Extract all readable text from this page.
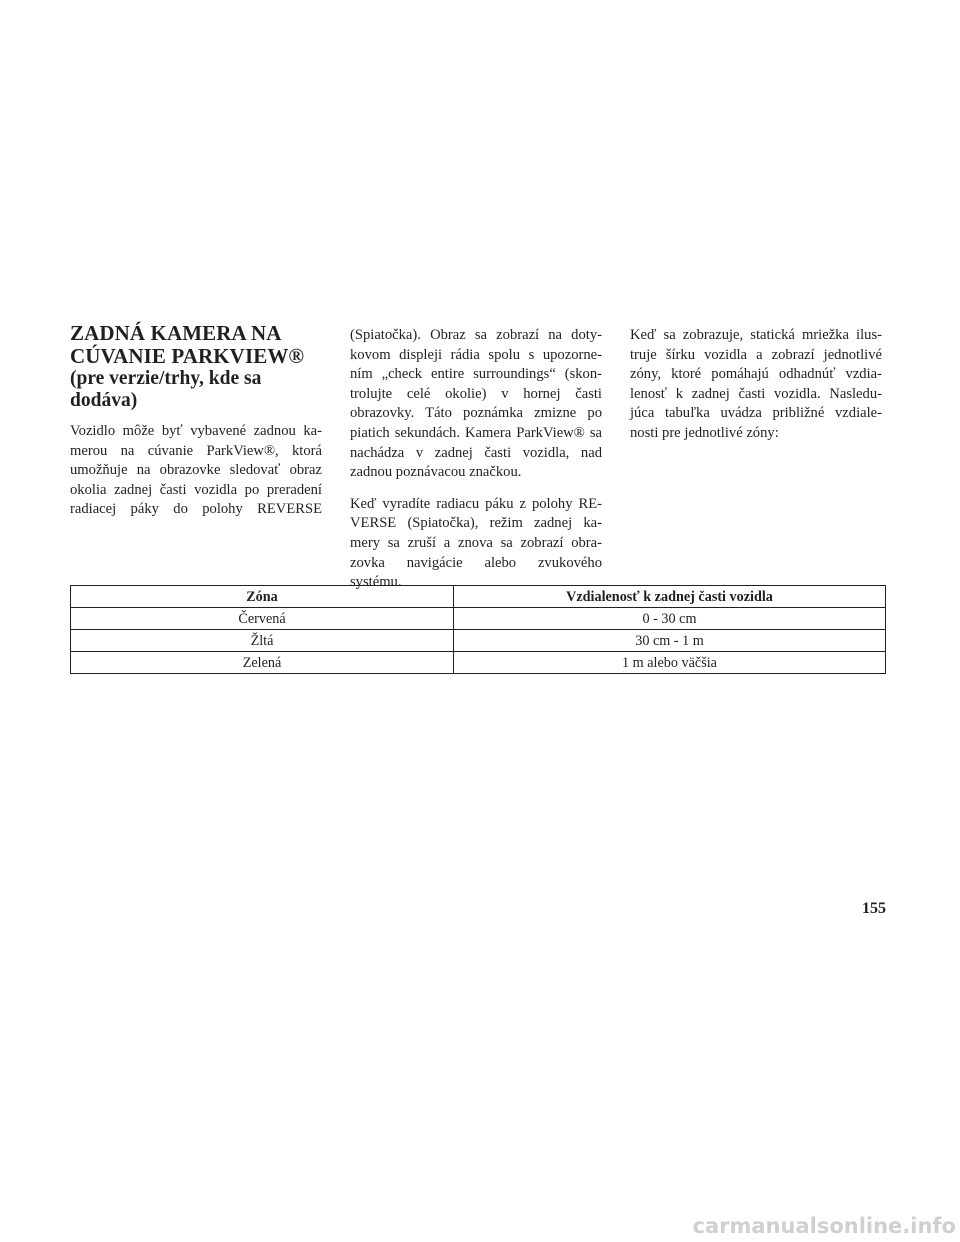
ZADNÁ KAMERA NA
CÚVANIE PARKVIEW®
(pre verzie/trhy, kde sa
dodáva)

Vozidlo môže byť vybavené zadnou ka- merou na cúvanie ParkView®, ktorá umožňuje na obrazovke sledovať obraz okolia zadnej časti vozidla po preradení radiacej páky do polohy REVERSE

(Spiatočka). Obraz sa zobrazí na doty- kovom displeji rádia spolu s upozorne- ním „check entire surroundings“ (skon- trolujte celé okolie) v hornej časti obrazovky. Táto poznámka zmizne po piatich sekundách. Kamera ParkView® sa nachádza v zadnej časti vozidla, nad zadnou poznávacou značkou.

Keď vyradíte radiacu páku z polohy RE- VERSE (Spiatočka), režim zadnej ka- mery sa zruší a znova sa zobrazí obra- zovka navigácie alebo zvukového systému.

Keď sa zobrazuje, statická mriežka ilus- truje šírku vozidla a zobrazí jednotlivé zóny, ktoré pomáhajú odhadnúť vzdia- lenosť k zadnej časti vozidla. Nasledu- júca tabuľka uvádza približné vzdiale- nosti pre jednotlivé zóny:

Zóna	Vzdialenosť k zadnej časti vozidla
Červená	0 - 30 cm
Žltá	30 cm - 1 m
Zelená	1 m alebo väčšia
155
carmanualsonline.info
